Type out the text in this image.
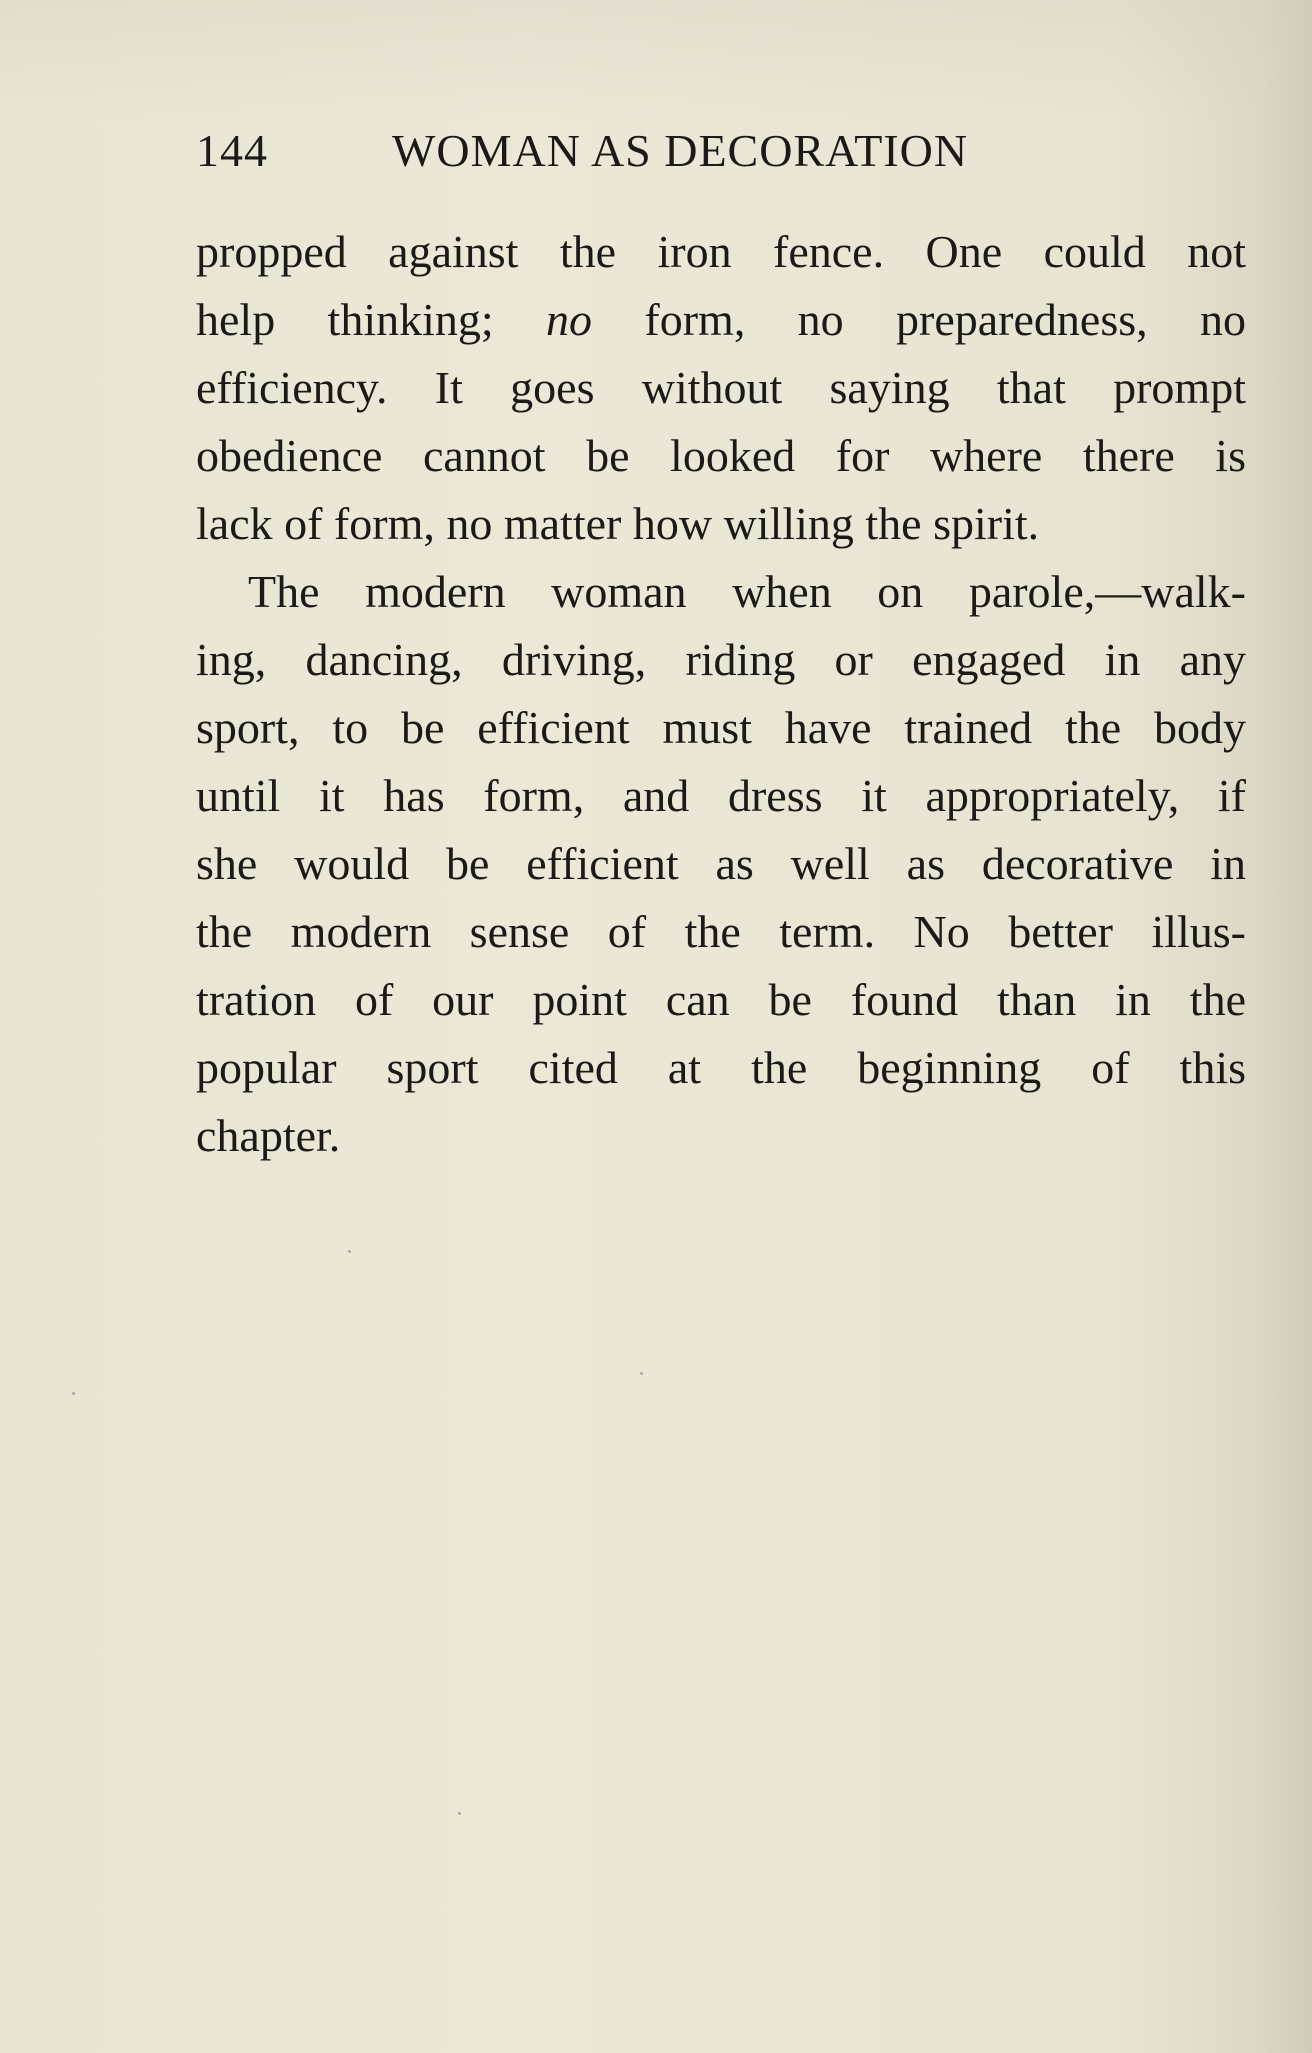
144	WOMAN AS DECORATION
propped against the iron fence. One could not
help thinking; no form, no preparedness, no
efficiency. It goes without saying that prompt
obedience cannot be looked for where there is
lack of form, no matter how willing the spirit.
The modern woman when on parole,—walk-
ing, dancing, driving, riding or engaged in any
sport, to be efficient must have trained the body
until it has form, and dress it appropriately, if
she would be efficient as well as decorative in
the modern sense of the term. No better illus-
tration of our point can be found than in the
popular sport cited at the beginning of this
chapter.
